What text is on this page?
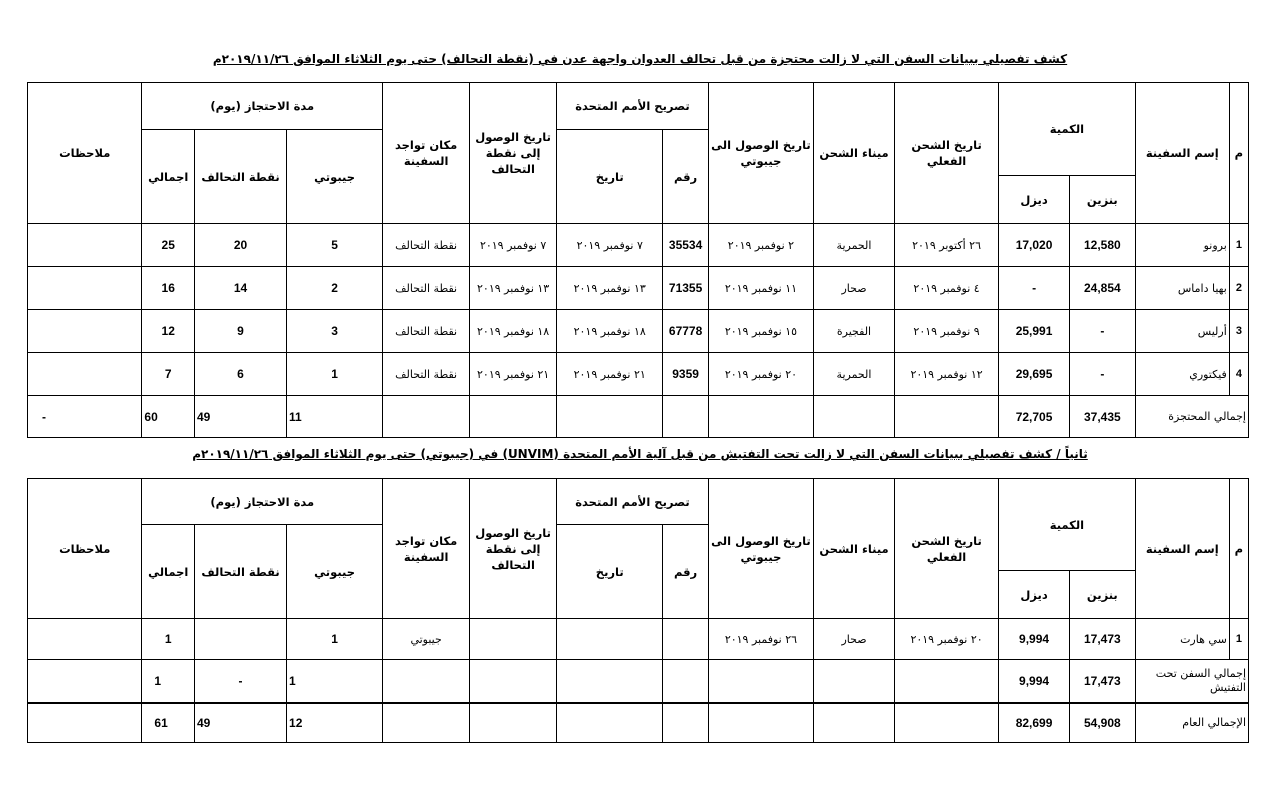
كشف تفصيلي ببيانات السفن التي لا زالت محتجزة من قبل تحالف العدوان واجهة عدن في (نقطة التحالف) حتى يوم الثلاثاء الموافق ٢٠١٩/١١/٢٦م
م	إسم السفينة	الكمية		تاريخ الشحن الفعلي	ميناء الشحن	تاريخ الوصول الى جيبوتي	تصريح الأمم المتحدة		تاريخ الوصول إلى نقطة التحالف	مكان تواجد السفينة	مدة الاحتجاز (يوم)			ملاحظات
							رقم	تاريخ			جيبوتي	نقطة التحالف	اجمالي	
		بنزين	ديزل											
1	برونو	12,580	17,020	٢٦ أكتوبر ٢٠١٩	الحمرية	٢ نوفمبر ٢٠١٩	35534	٧ نوفمبر ٢٠١٩	٧ نوفمبر ٢٠١٩	نقطة التحالف	5	20	25	
2	بهيا داماس	24,854	-	٤ نوفمبر ٢٠١٩	صحار	١١ نوفمبر ٢٠١٩	71355	١٣ نوفمبر ٢٠١٩	١٣ نوفمبر ٢٠١٩	نقطة التحالف	2	14	16	
3	أرليس	-	25,991	٩ نوفمبر ٢٠١٩	الفجيرة	١٥ نوفمبر ٢٠١٩	67778	١٨ نوفمبر ٢٠١٩	١٨ نوفمبر ٢٠١٩	نقطة التحالف	3	9	12	
4	فيكتوري	-	29,695	١٢ نوفمبر ٢٠١٩	الحمرية	٢٠ نوفمبر ٢٠١٩	9359	٢١ نوفمبر ٢٠١٩	٢١ نوفمبر ٢٠١٩	نقطة التحالف	1	6	7	
إجمالي المحتجزة		37,435	72,705								11	49	60	-
ثانياً / كشف تفصيلي ببيانات السفن التي لا زالت تحت التفتيش من قبل آلية الأمم المتحدة (UNVIM) في (جيبوتي) حتى يوم الثلاثاء الموافق ٢٠١٩/١١/٢٦م
م	إسم السفينة	الكمية		تاريخ الشحن الفعلي	ميناء الشحن	تاريخ الوصول الى جيبوتي	تصريح الأمم المتحدة		تاريخ الوصول إلى نقطة التحالف	مكان تواجد السفينة	مدة الاحتجاز (يوم)			ملاحظات
							رقم	تاريخ			جيبوتي	نقطة التحالف	اجمالي	
		بنزين	ديزل											
1	سي هارت	17,473	9,994	٢٠ نوفمبر ٢٠١٩	صحار	٢٦ نوفمبر ٢٠١٩				جيبوتي	1		1	
إجمالي السفن تحت التفتيش		17,473	9,994								1	-	1	
الإجمالي العام		54,908	82,699								12	49	61	
